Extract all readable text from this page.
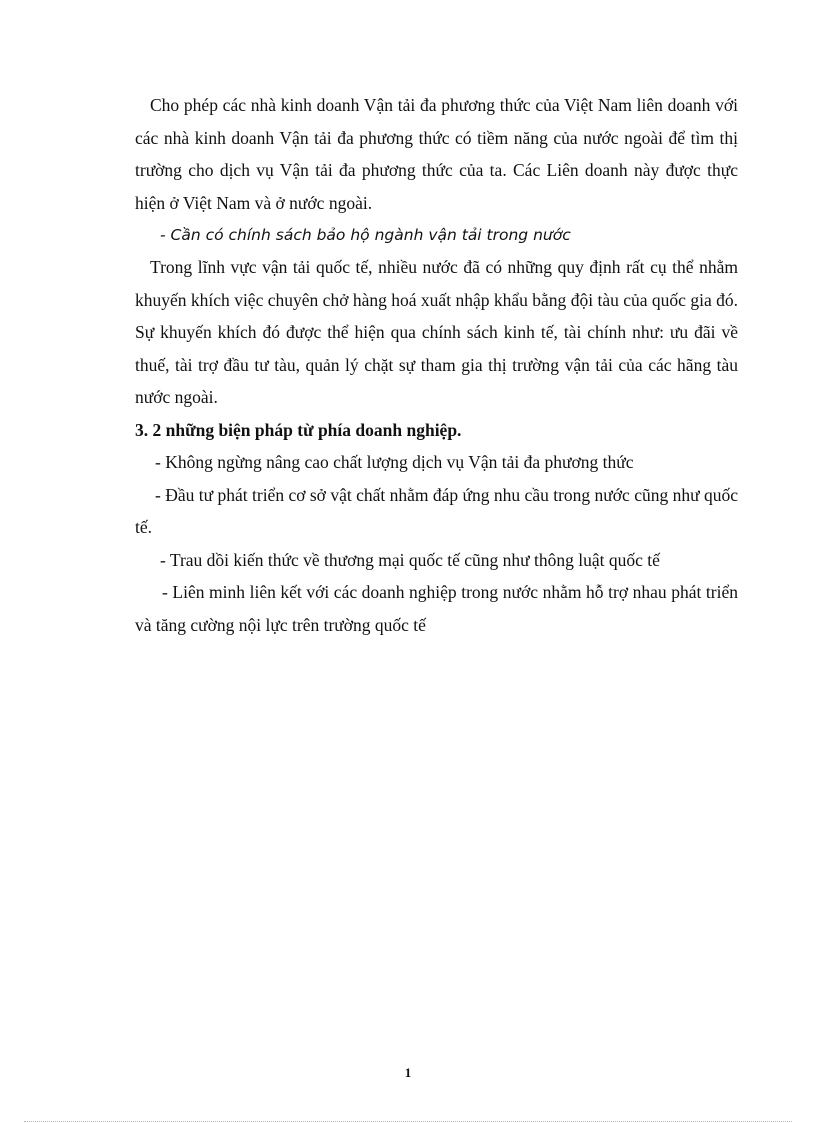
Cho phép các nhà kinh doanh Vận tải đa phương thức của Việt Nam liên doanh với các nhà kinh doanh Vận tải đa phương thức có tiềm năng của nước ngoài để tìm thị trường cho dịch vụ Vận tải đa phương thức của ta. Các Liên doanh này được thực hiện ở Việt Nam và ở nước ngoài.

- Cần có chính sách bảo hộ ngành vận tải trong nước

Trong lĩnh vực vận tải quốc tế, nhiều nước đã có những quy định rất cụ thể nhằm khuyến khích việc chuyên chở hàng hoá xuất nhập khẩu bằng đội tàu của quốc gia đó. Sự khuyến khích đó được thể hiện qua chính sách kinh tế, tài chính như: ưu đãi về thuế, tài trợ đầu tư tàu, quản lý chặt sự tham gia thị trường vận tải của các hãng tàu nước ngoài.

3. 2 những biện pháp từ phía doanh nghiệp.

- Không ngừng nâng cao chất lượng dịch vụ Vận tải đa phương thức

- Đầu tư phát triển cơ sở vật chất nhằm đáp ứng nhu cầu trong nước cũng như quốc tế.

- Trau dồi kiến thức về thương mại quốc tế cũng như thông luật quốc tế

- Liên minh liên kết với các doanh nghiệp trong nước nhằm hỗ trợ nhau phát triển và tăng cường nội lực trên trường quốc tế

1
